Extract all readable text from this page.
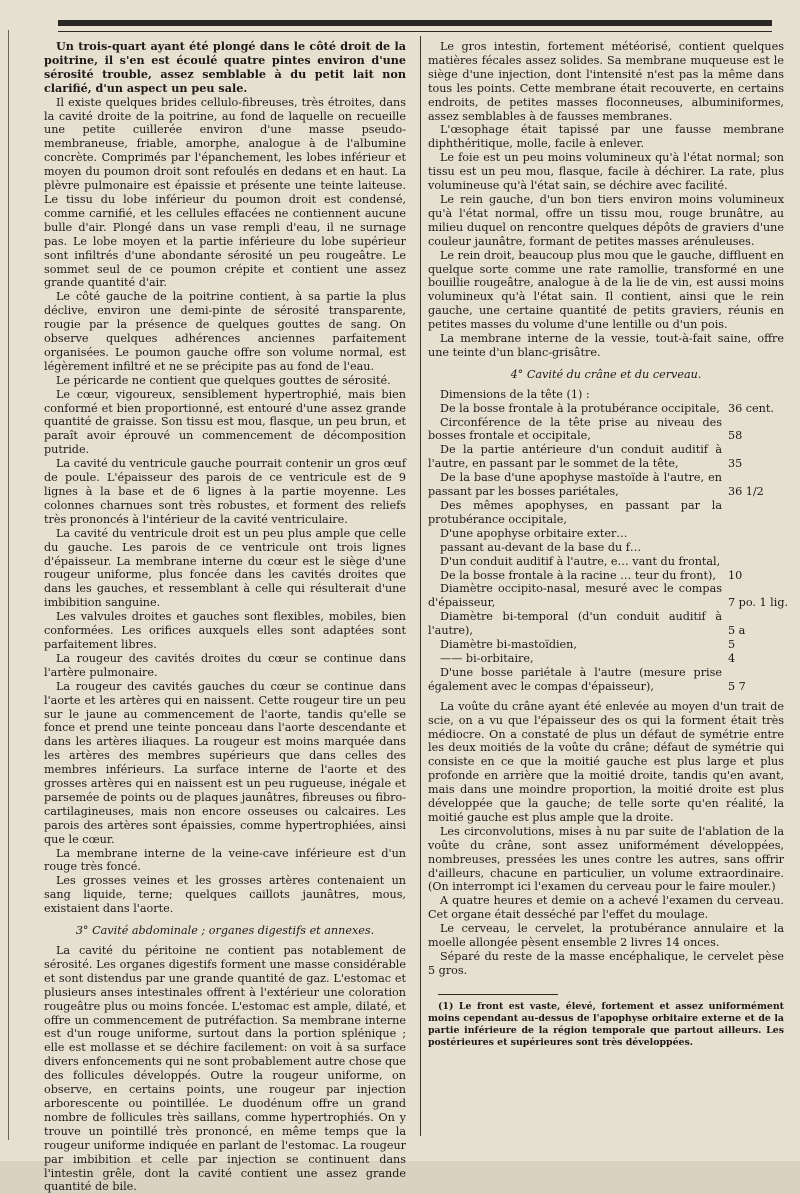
Un trois-quart ayant été plongé dans le côté droit de la poitrine, il s'en est écoulé quatre pintes environ d'une sérosité trouble, assez semblable à du petit lait non clarifié, d'un aspect un peu sale.

Il existe quelques brides cellulo-fibreuses, très étroites, dans la cavité droite de la poitrine, au fond de laquelle on recueille une petite cuillerée environ d'une masse pseudo-membraneuse, friable, amorphe, analogue à de l'albumine concrète. Comprimés par l'épanchement, les lobes inférieur et moyen du poumon droit sont refoulés en dedans et en haut. La plèvre pulmonaire est épaissie et présente une teinte laiteuse. Le tissu du lobe inférieur du poumon droit est condensé, comme carnifié, et les cellules effacées ne contiennent aucune bulle d'air. Plongé dans un vase rempli d'eau, il ne surnage pas. Le lobe moyen et la partie inférieure du lobe supérieur sont infiltrés d'une abondante sérosité un peu rougeâtre. Le sommet seul de ce poumon crépite et contient une assez grande quantité d'air.

Le côté gauche de la poitrine contient, à sa partie la plus déclive, environ une demi-pinte de sérosité transparente, rougie par la présence de quelques gouttes de sang. On observe quelques adhérences anciennes parfaitement organisées. Le poumon gauche offre son volume normal, est légèrement infiltré et ne se précipite pas au fond de l'eau.

Le péricarde ne contient que quelques gouttes de sérosité.

Le cœur, vigoureux, sensiblement hypertrophié, mais bien conformé et bien proportionné, est entouré d'une assez grande quantité de graisse. Son tissu est mou, flasque, un peu brun, et paraît avoir éprouvé un commencement de décomposition putride.

La cavité du ventricule gauche pourrait contenir un gros œuf de poule. L'épaisseur des parois de ce ventricule est de 9 lignes à la base et de 6 lignes à la partie moyenne. Les colonnes charnues sont très robustes, et forment des reliefs très prononcés à l'intérieur de la cavité ventriculaire.

La cavité du ventricule droit est un peu plus ample que celle du gauche. Les parois de ce ventricule ont trois lignes d'épaisseur. La membrane interne du cœur est le siège d'une rougeur uniforme, plus foncée dans les cavités droites que dans les gauches, et ressemblant à celle qui résulterait d'une imbibition sanguine.

Les valvules droites et gauches sont flexibles, mobiles, bien conformées. Les orifices auxquels elles sont adaptées sont parfaitement libres.

La rougeur des cavités droites du cœur se continue dans l'artère pulmonaire.

La rougeur des cavités gauches du cœur se continue dans l'aorte et les artères qui en naissent. Cette rougeur tire un peu sur le jaune au commencement de l'aorte, tandis qu'elle se fonce et prend une teinte ponceau dans l'aorte descendante et dans les artères iliaques. La rougeur est moins marquée dans les artères des membres supérieurs que dans celles des membres inférieurs. La surface interne de l'aorte et des grosses artères qui en naissent est un peu rugueuse, inégale et parsemée de points ou de plaques jaunâtres, fibreuses ou fibro-cartilagineuses, mais non encore osseuses ou calcaires. Les parois des artères sont épaissies, comme hypertrophiées, ainsi que le cœur.

La membrane interne de la veine-cave inférieure est d'un rouge très foncé.

Les grosses veines et les grosses artères contenaient un sang liquide, terne; quelques caillots jaunâtres, mous, existaient dans l'aorte.

3° Cavité abdominale ; organes digestifs et annexes.

La cavité du péritoine ne contient pas notablement de sérosité. Les organes digestifs forment une masse considérable et sont distendus par une grande quantité de gaz. L'estomac et plusieurs anses intestinales offrent à l'extérieur une coloration rougeâtre plus ou moins foncée. L'estomac est ample, dilaté, et offre un commencement de putréfaction. Sa membrane interne est d'un rouge uniforme, surtout dans la portion splénique ; elle est mollasse et se déchire facilement: on voit à sa surface divers enfoncements qui ne sont probablement autre chose que des follicules développés. Outre la rougeur uniforme, on observe, en certains points, une rougeur par injection arborescente ou pointillée. Le duodénum offre un grand nombre de follicules très saillans, comme hypertrophiés. On y trouve un pointillé très prononcé, en même temps que la rougeur uniforme indiquée en parlant de l'estomac. La rougeur par imbibition et celle par injection se continuent dans l'intestin grêle, dont la cavité contient une assez grande quantité de bile.

Le gros intestin, fortement météorisé, contient quelques matières fécales assez solides. Sa membrane muqueuse est le siège d'une injection, dont l'intensité n'est pas la même dans tous les points. Cette membrane était recouverte, en certains endroits, de petites masses floconneuses, albuminiformes, assez semblables à de fausses membranes.

L'œsophage était tapissé par une fausse membrane diphthéritique, molle, facile à enlever.

Le foie est un peu moins volumineux qu'à l'état normal; son tissu est un peu mou, flasque, facile à déchirer. La rate, plus volumineuse qu'à l'état sain, se déchire avec facilité.

Le rein gauche, d'un bon tiers environ moins volumineux qu'à l'état normal, offre un tissu mou, rouge brunâtre, au milieu duquel on rencontre quelques dépôts de graviers d'une couleur jaunâtre, formant de petites masses arénuleuses.

Le rein droit, beaucoup plus mou que le gauche, diffluent en quelque sorte comme une rate ramollie, transformé en une bouillie rougeâtre, analogue à de la lie de vin, est aussi moins volumineux qu'à l'état sain. Il contient, ainsi que le rein gauche, une certaine quantité de petits graviers, réunis en petites masses du volume d'une lentille ou d'un pois.

La membrane interne de la vessie, tout-à-fait saine, offre une teinte d'un blanc-grisâtre.

4° Cavité du crâne et du cerveau.
Dimensions de la tête (1) :
De la bosse frontale à la protubérance occipitale, 36 cent.
Circonférence de la tête prise au niveau des bosses frontale et occipitale,	58
De la partie antérieure d'un conduit auditif à l'autre, en passant par le sommet de la tête,	35
De la base d'une apophyse mastoïde à l'autre, en passant par les bosses pariétales,	36 1/2
Des mêmes apophyses, en passant par la protubérance occipitale,
D'une apophyse orbitaire exter…
passant au-devant de la base du f…
D'un conduit auditif à l'autre, e… vant du frontal,
De la bosse frontale à la racine … teur du front),	10
Diamètre occipito-nasal, mesuré avec le compas d'épaisseur,	7 po. 1 lig.
Diamètre bi-temporal (d'un conduit auditif à l'autre),	5 a
Diamètre bi-mastoïdien,	5
—— bi-orbitaire,	4
D'une bosse pariétale à l'autre (mesure prise également avec le compas d'épaisseur),	5 7

La voûte du crâne ayant été enlevée au moyen d'un trait de scie, on a vu que l'épaisseur des os qui la forment était très médiocre. On a constaté de plus un défaut de symétrie entre les deux moitiés de la voûte du crâne; défaut de symétrie qui consiste en ce que la moitié gauche est plus large et plus profonde en arrière que la moitié droite, tandis qu'en avant, mais dans une moindre proportion, la moitié droite est plus développée que la gauche; de telle sorte qu'en réalité, la moitié gauche est plus ample que la droite.

Les circonvolutions, mises à nu par suite de l'ablation de la voûte du crâne, sont assez uniformément développées, nombreuses, pressées les unes contre les autres, sans offrir d'ailleurs, chacune en particulier, un volume extraordinaire. (On interrompt ici l'examen du cerveau pour le faire mouler.)

A quatre heures et demie on a achevé l'examen du cerveau. Cet organe était desséché par l'effet du moulage.

Le cerveau, le cervelet, la protubérance annulaire et la moelle allongée pèsent ensemble 2 livres 14 onces.

Séparé du reste de la masse encéphalique, le cervelet pèse 5 gros.

(1) Le front est vaste, élevé, fortement et assez uniformément moins cependant au-dessus de l'apophyse orbitaire externe et de la partie inférieure de la région temporale que partout ailleurs. Les postérieures et supérieures sont très développées.
